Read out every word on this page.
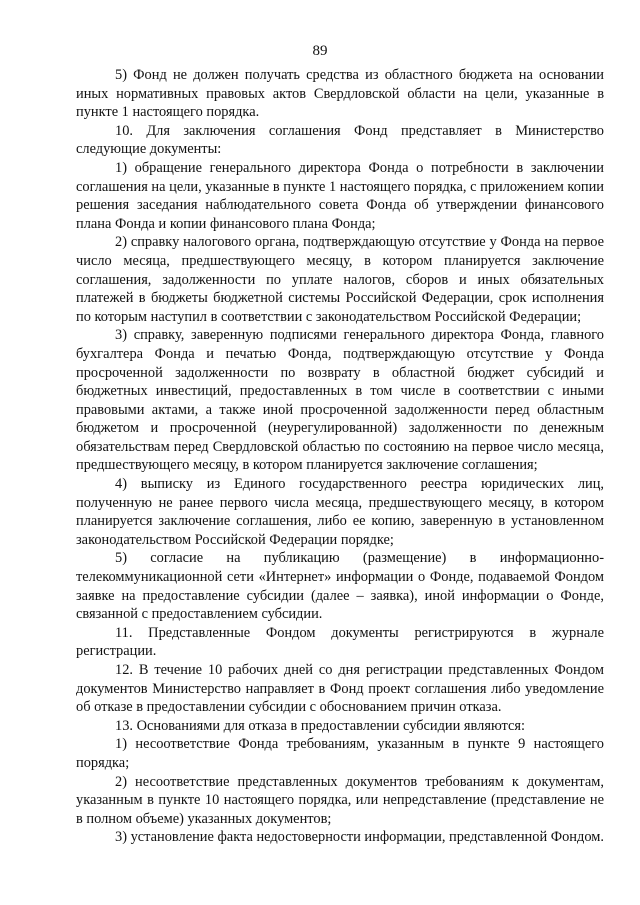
89

5) Фонд не должен получать средства из областного бюджета на основании иных нормативных правовых актов Свердловской области на цели, указанные в пункте 1 настоящего порядка.

10. Для заключения соглашения Фонд представляет в Министерство следующие документы:

1) обращение генерального директора Фонда о потребности в заключении соглашения на цели, указанные в пункте 1 настоящего порядка, с приложением копии решения заседания наблюдательного совета Фонда об утверждении финансового плана Фонда и копии финансового плана Фонда;

2) справку налогового органа, подтверждающую отсутствие у Фонда на первое число месяца, предшествующего месяцу, в котором планируется заключение соглашения, задолженности по уплате налогов, сборов и иных обязательных платежей в бюджеты бюджетной системы Российской Федерации, срок исполнения по которым наступил в соответствии с законодательством Российской Федерации;

3) справку, заверенную подписями генерального директора Фонда, главного бухгалтера Фонда и печатью Фонда, подтверждающую отсутствие у Фонда просроченной задолженности по возврату в областной бюджет субсидий и бюджетных инвестиций, предоставленных в том числе в соответствии с иными правовыми актами, а также иной просроченной задолженности перед областным бюджетом и просроченной (неурегулированной) задолженности по денежным обязательствам перед Свердловской областью по состоянию на первое число месяца, предшествующего месяцу, в котором планируется заключение соглашения;

4) выписку из Единого государственного реестра юридических лиц, полученную не ранее первого числа месяца, предшествующего месяцу, в котором планируется заключение соглашения, либо ее копию, заверенную в установленном законодательством Российской Федерации порядке;

5) согласие на публикацию (размещение) в информационно-телекоммуникационной сети «Интернет» информации о Фонде, подаваемой Фондом заявке на предоставление субсидии (далее – заявка), иной информации о Фонде, связанной с предоставлением субсидии.

11. Представленные Фондом документы регистрируются в журнале регистрации.

12. В течение 10 рабочих дней со дня регистрации представленных Фондом документов Министерство направляет в Фонд проект соглашения либо уведомление об отказе в предоставлении субсидии с обоснованием причин отказа.

13. Основаниями для отказа в предоставлении субсидии являются:

1) несоответствие Фонда требованиям, указанным в пункте 9 настоящего порядка;

2) несоответствие представленных документов требованиям к документам, указанным в пункте 10 настоящего порядка, или непредставление (представление не в полном объеме) указанных документов;

3) установление факта недостоверности информации, представленной Фондом.
